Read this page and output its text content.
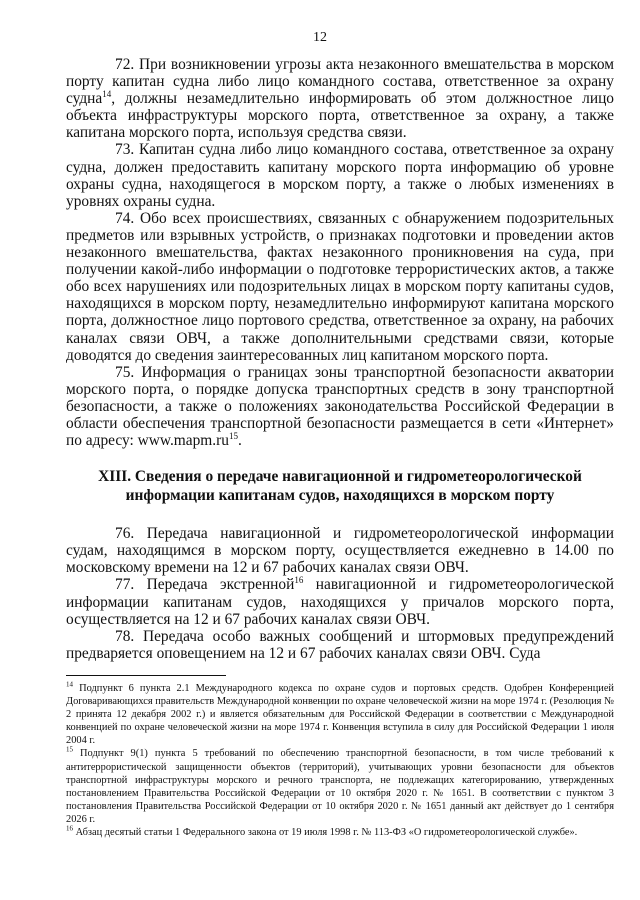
12

72. При возникновении угрозы акта незаконного вмешательства в морском порту капитан судна либо лицо командного состава, ответственное за охрану судна$^{14}$, должны незамедлительно информировать об этом должностное лицо объекта инфраструктуры морского порта, ответственное за охрану, а также капитана морского порта, используя средства связи.

73. Капитан судна либо лицо командного состава, ответственное за охрану судна, должен предоставить капитану морского порта информацию об уровне охраны судна, находящегося в морском порту, а также о любых изменениях в уровнях охраны судна.

74. Обо всех происшествиях, связанных с обнаружением подозрительных предметов или взрывных устройств, о признаках подготовки и проведении актов незаконного вмешательства, фактах незаконного проникновения на суда, при получении какой-либо информации о подготовке террористических актов, а также обо всех нарушениях или подозрительных лицах в морском порту капитаны судов, находящихся в морском порту, незамедлительно информируют капитана морского порта, должностное лицо портового средства, ответственное за охрану, на рабочих каналах связи ОВЧ, а также дополнительными средствами связи, которые доводятся до сведения заинтересованных лиц капитаном морского порта.

75. Информация о границах зоны транспортной безопасности акватории морского порта, о порядке допуска транспортных средств в зону транспортной безопасности, а также о положениях законодательства Российской Федерации в области обеспечения транспортной безопасности размещается в сети «Интернет» по адресу: $www.mapm.ru^{15}$.

XIII. Сведения о передаче навигационной и гидрометеорологической информации капитанам судов, находящихся в морском порту

76. Передача навигационной и гидрометеорологической информации судам, находящимся в морском порту, осуществляется ежедневно в 14.00 по московскому времени на 12 и 67 рабочих каналах связи ОВЧ.

77. Передача экстренной$^{16}$ навигационной и гидрометеорологической информации капитанам судов, находящихся у причалов морского порта, осуществляется на 12 и 67 рабочих каналах связи ОВЧ.

78. Передача особо важных сообщений и штормовых предупреждений предваряется оповещением на 12 и 67 рабочих каналах связи ОВЧ. Суда

$^{14}$ Подпункт 6 пункта 2.1 Международного кодекса по охране судов и портовых средств. Одобрен Конференцией Договаривающихся правительств Международной конвенции по охране человеческой жизни на море 1974 г. (Резолюция № 2 принята 12 декабря 2002 г.) и является обязательным для Российской Федерации в соответствии с Международной конвенцией по охране человеческой жизни на море 1974 г. Конвенция вступила в силу для Российской Федерации 1 июля 2004 г.

$^{15}$ Подпункт 9(1) пункта 5 требований по обеспечению транспортной безопасности, в том числе требований к антитеррористической защищенности объектов (территорий), учитывающих уровни безопасности для объектов транспортной инфраструктуры морского и речного транспорта, не подлежащих категорированию, утвержденных постановлением Правительства Российской Федерации от 10 октября 2020 г. № 1651. В соответствии с пунктом 3 постановления Правительства Российской Федерации от 10 октября 2020 г. № 1651 данный акт действует до 1 сентября 2026 г.

$^{16}$ Абзац десятый статьи 1 Федерального закона от 19 июля 1998 г. № 113-ФЗ «О гидрометеорологической службе».
